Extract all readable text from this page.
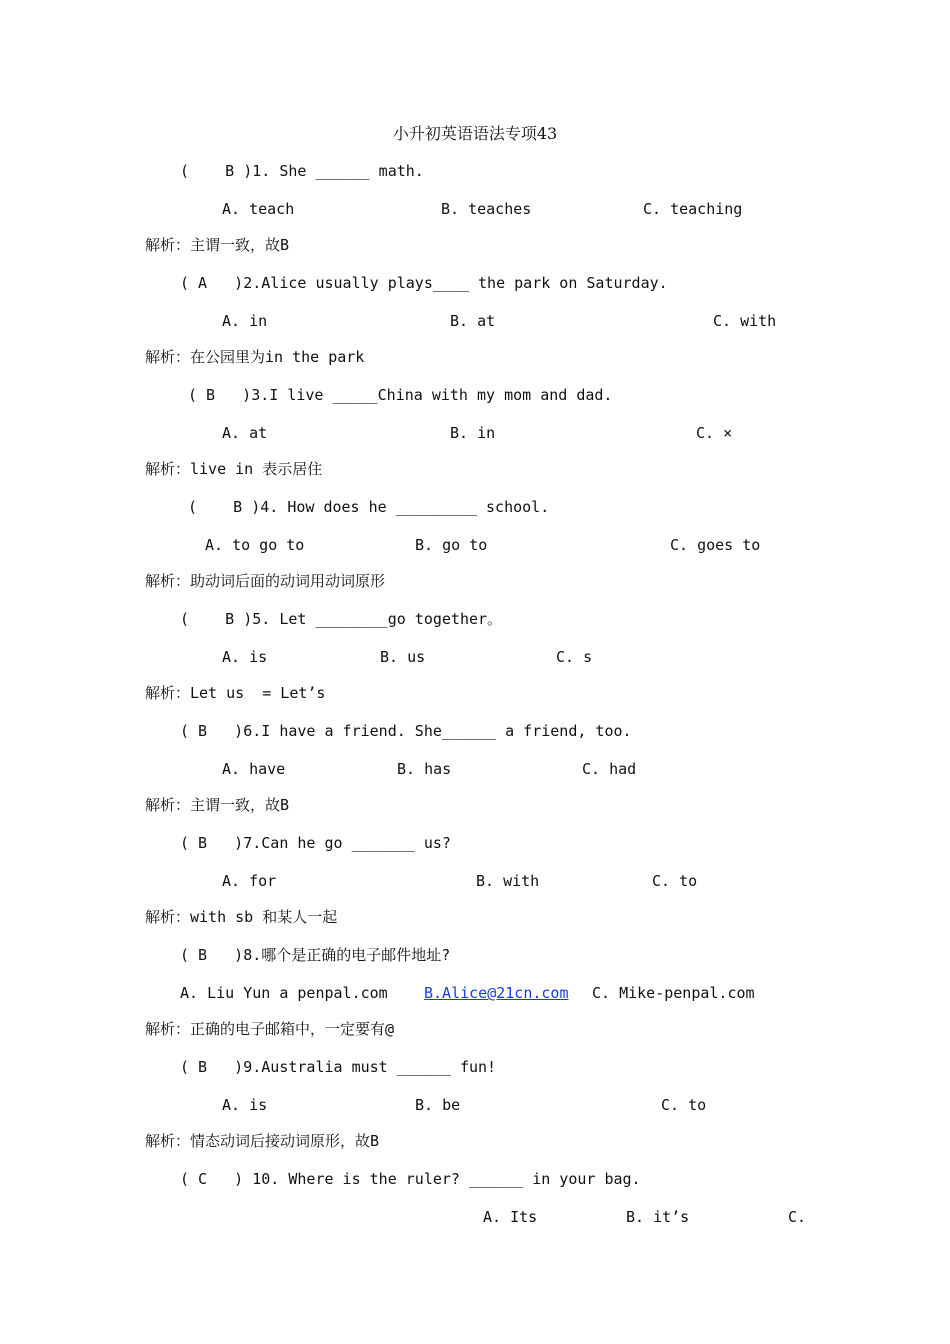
小升初英语语法专项43
(    B )1. She ______ math.
A. teach	B. teaches	C. teaching
解析：主谓一致，故B
( A   )2.Alice usually plays____ the park on Saturday.
A. in	B. at	C. with
解析：在公园里为in the park
( B   )3.I live _____China with my mom and dad.
A. at	B. in	C. ×
解析：live in 表示居住
(    B )4. How does he _________ school.
A. to go to	B. go to	C. goes to
解析：助动词后面的动词用动词原形
(    B )5. Let ________go together。
A. is	B. us	C. s
解析：Let us  = Let’s
( B   )6.I have a friend. She______ a friend, too.
A. have	B. has	C. had
解析：主谓一致，故B
( B   )7.Can he go _______ us?
A. for	B. with	C. to
解析：with sb 和某人一起
( B   )8.哪个是正确的电子邮件地址?
A. Liu Yun a penpal.com B.Alice@21cn.com C. Mike-penpal.com
解析：正确的电子邮箱中，一定要有@
( B   )9.Australia must ______ fun!
A. is	B. be	C. to
解析：情态动词后接动词原形，故B
( C   ) 10. Where is the ruler? ______ in your bag.
A. Its	B. it’s	C.
